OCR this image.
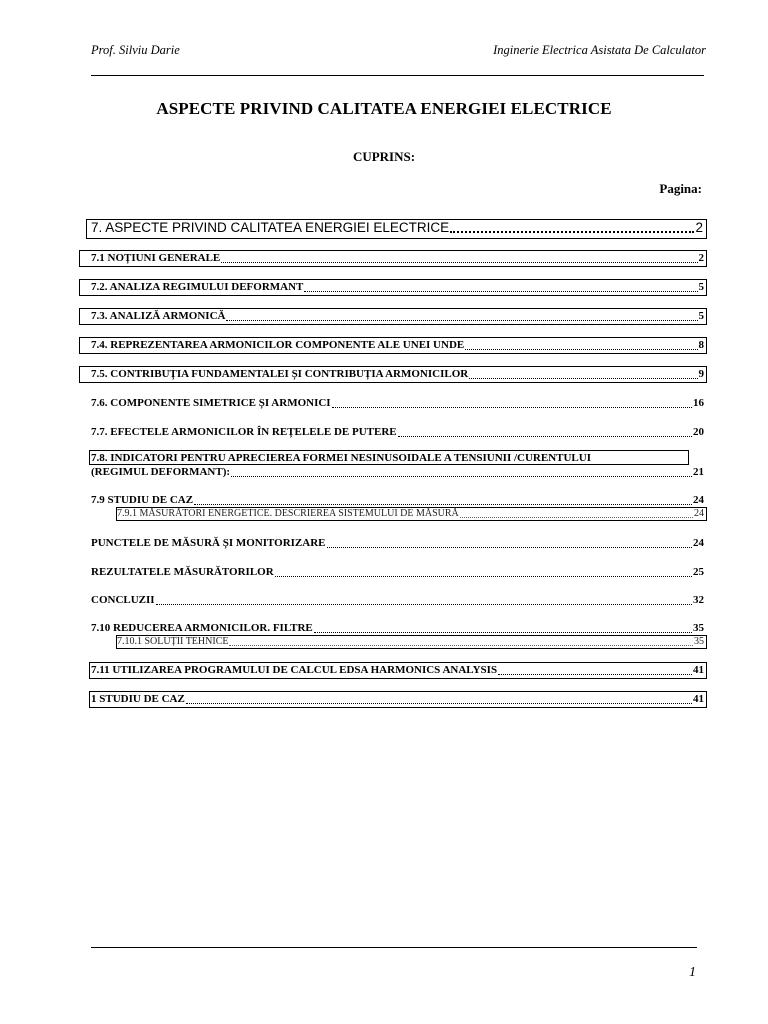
Prof. Silviu Darie	Inginerie Electrica Asistata De Calculator
ASPECTE PRIVIND CALITATEA ENERGIEI ELECTRICE
CUPRINS:
Pagina:
7. ASPECTE PRIVIND CALITATEA ENERGIEI ELECTRICE	2
7.1 NOȚIUNI GENERALE	2
7.2. ANALIZA REGIMULUI DEFORMANT	5
7.3. ANALIZĂ ARMONICĂ	5
7.4. REPREZENTAREA ARMONICILOR COMPONENTE ALE UNEI UNDE	8
7.5. CONTRIBUȚIA FUNDAMENTALEI ȘI CONTRIBUȚIA ARMONICILOR	9
7.6. COMPONENTE SIMETRICE ȘI ARMONICI	16
7.7. EFECTELE ARMONICILOR ÎN REȚELELE DE PUTERE	20
7.8. INDICATORI PENTRU APRECIEREA FORMEI NESINUSOIDALE A TENSIUNII /CURENTULUI
(REGIMUL DEFORMANT):	21
7.9 STUDIU DE CAZ	24
7.9.1 MĂSURĂTORI ENERGETICE. DESCRIEREA SISTEMULUI DE MĂSURĂ	24
PUNCTELE DE MĂSURĂ ȘI MONITORIZARE	24
REZULTATELE MĂSURĂTORILOR	25
CONCLUZII	32
7.10 REDUCEREA ARMONICILOR. FILTRE	35
7.10.1 SOLUȚII TEHNICE	35
7.11 UTILIZAREA PROGRAMULUI DE CALCUL EDSA HARMONICS ANALYSIS	41
1 STUDIU DE CAZ	41
1
